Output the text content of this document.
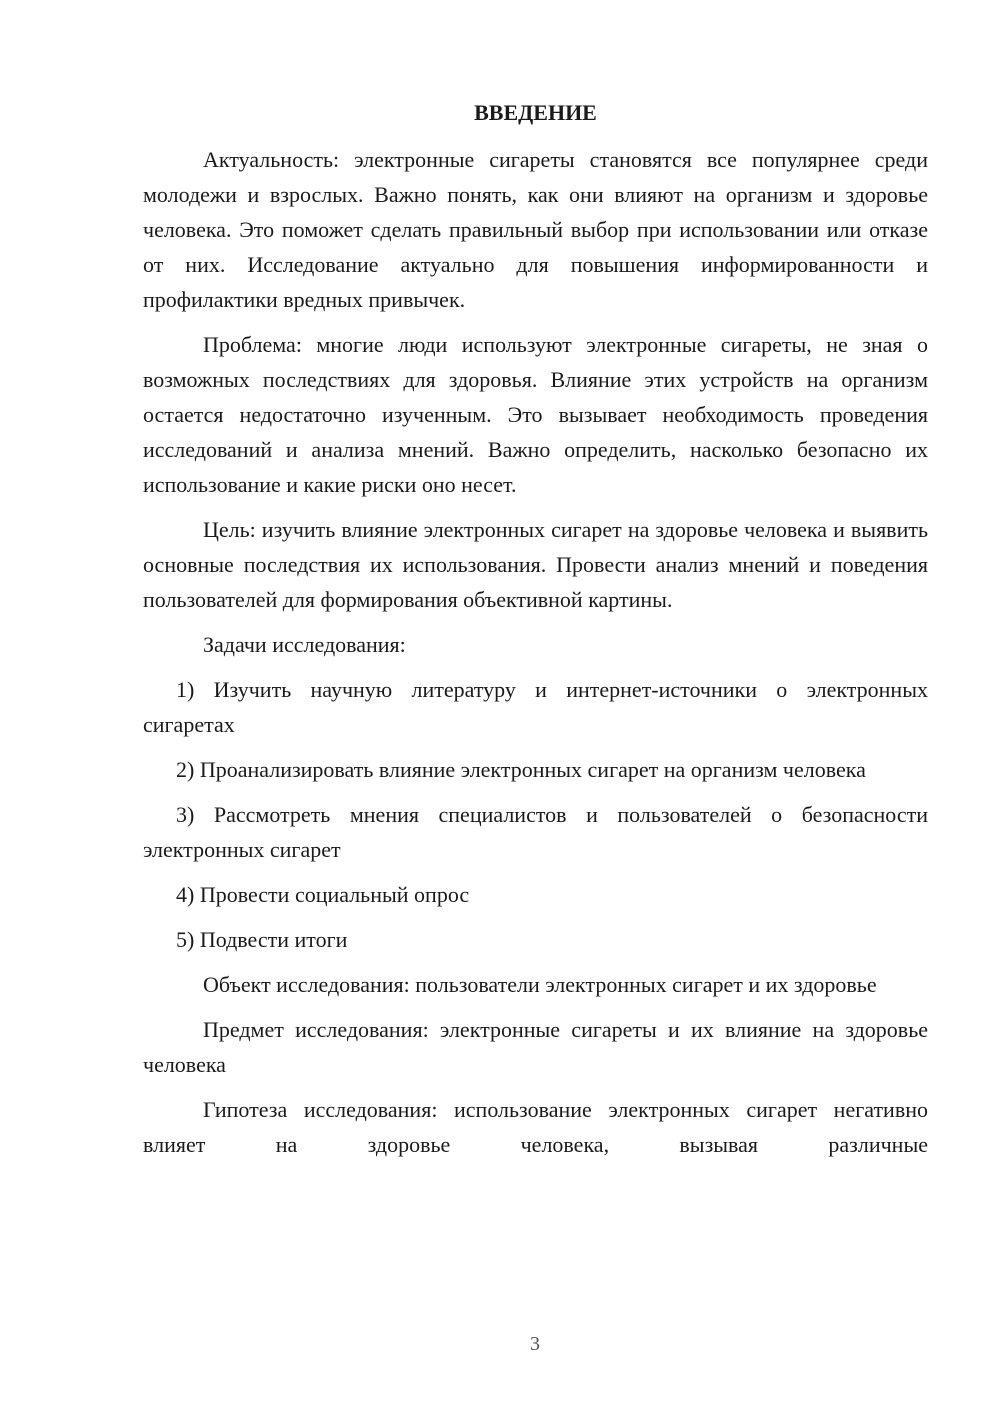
ВВЕДЕНИЕ

Актуальность: электронные сигареты становятся все популярнее среди молодежи и взрослых. Важно понять, как они влияют на организм и здоровье человека. Это поможет сделать правильный выбор при использовании или отказе от них. Исследование актуально для повышения информированности и профилактики вредных привычек.

Проблема: многие люди используют электронные сигареты, не зная о возможных последствиях для здоровья. Влияние этих устройств на организм остается недостаточно изученным. Это вызывает необходимость проведения исследований и анализа мнений. Важно определить, насколько безопасно их использование и какие риски оно несет.

Цель: изучить влияние электронных сигарет на здоровье человека и выявить основные последствия их использования. Провести анализ мнений и поведения пользователей для формирования объективной картины.

Задачи исследования:

1) Изучить научную литературу и интернет-источники о электронных сигаретах

2) Проанализировать влияние электронных сигарет на организм человека

3) Рассмотреть мнения специалистов и пользователей о безопасности электронных сигарет

4) Провести социальный опрос

5) Подвести итоги

Объект исследования: пользователи электронных сигарет и их здоровье

Предмет исследования: электронные сигареты и их влияние на здоровье человека

Гипотеза исследования: использование электронных сигарет негативно влияет на здоровье человека, вызывая различные

3
